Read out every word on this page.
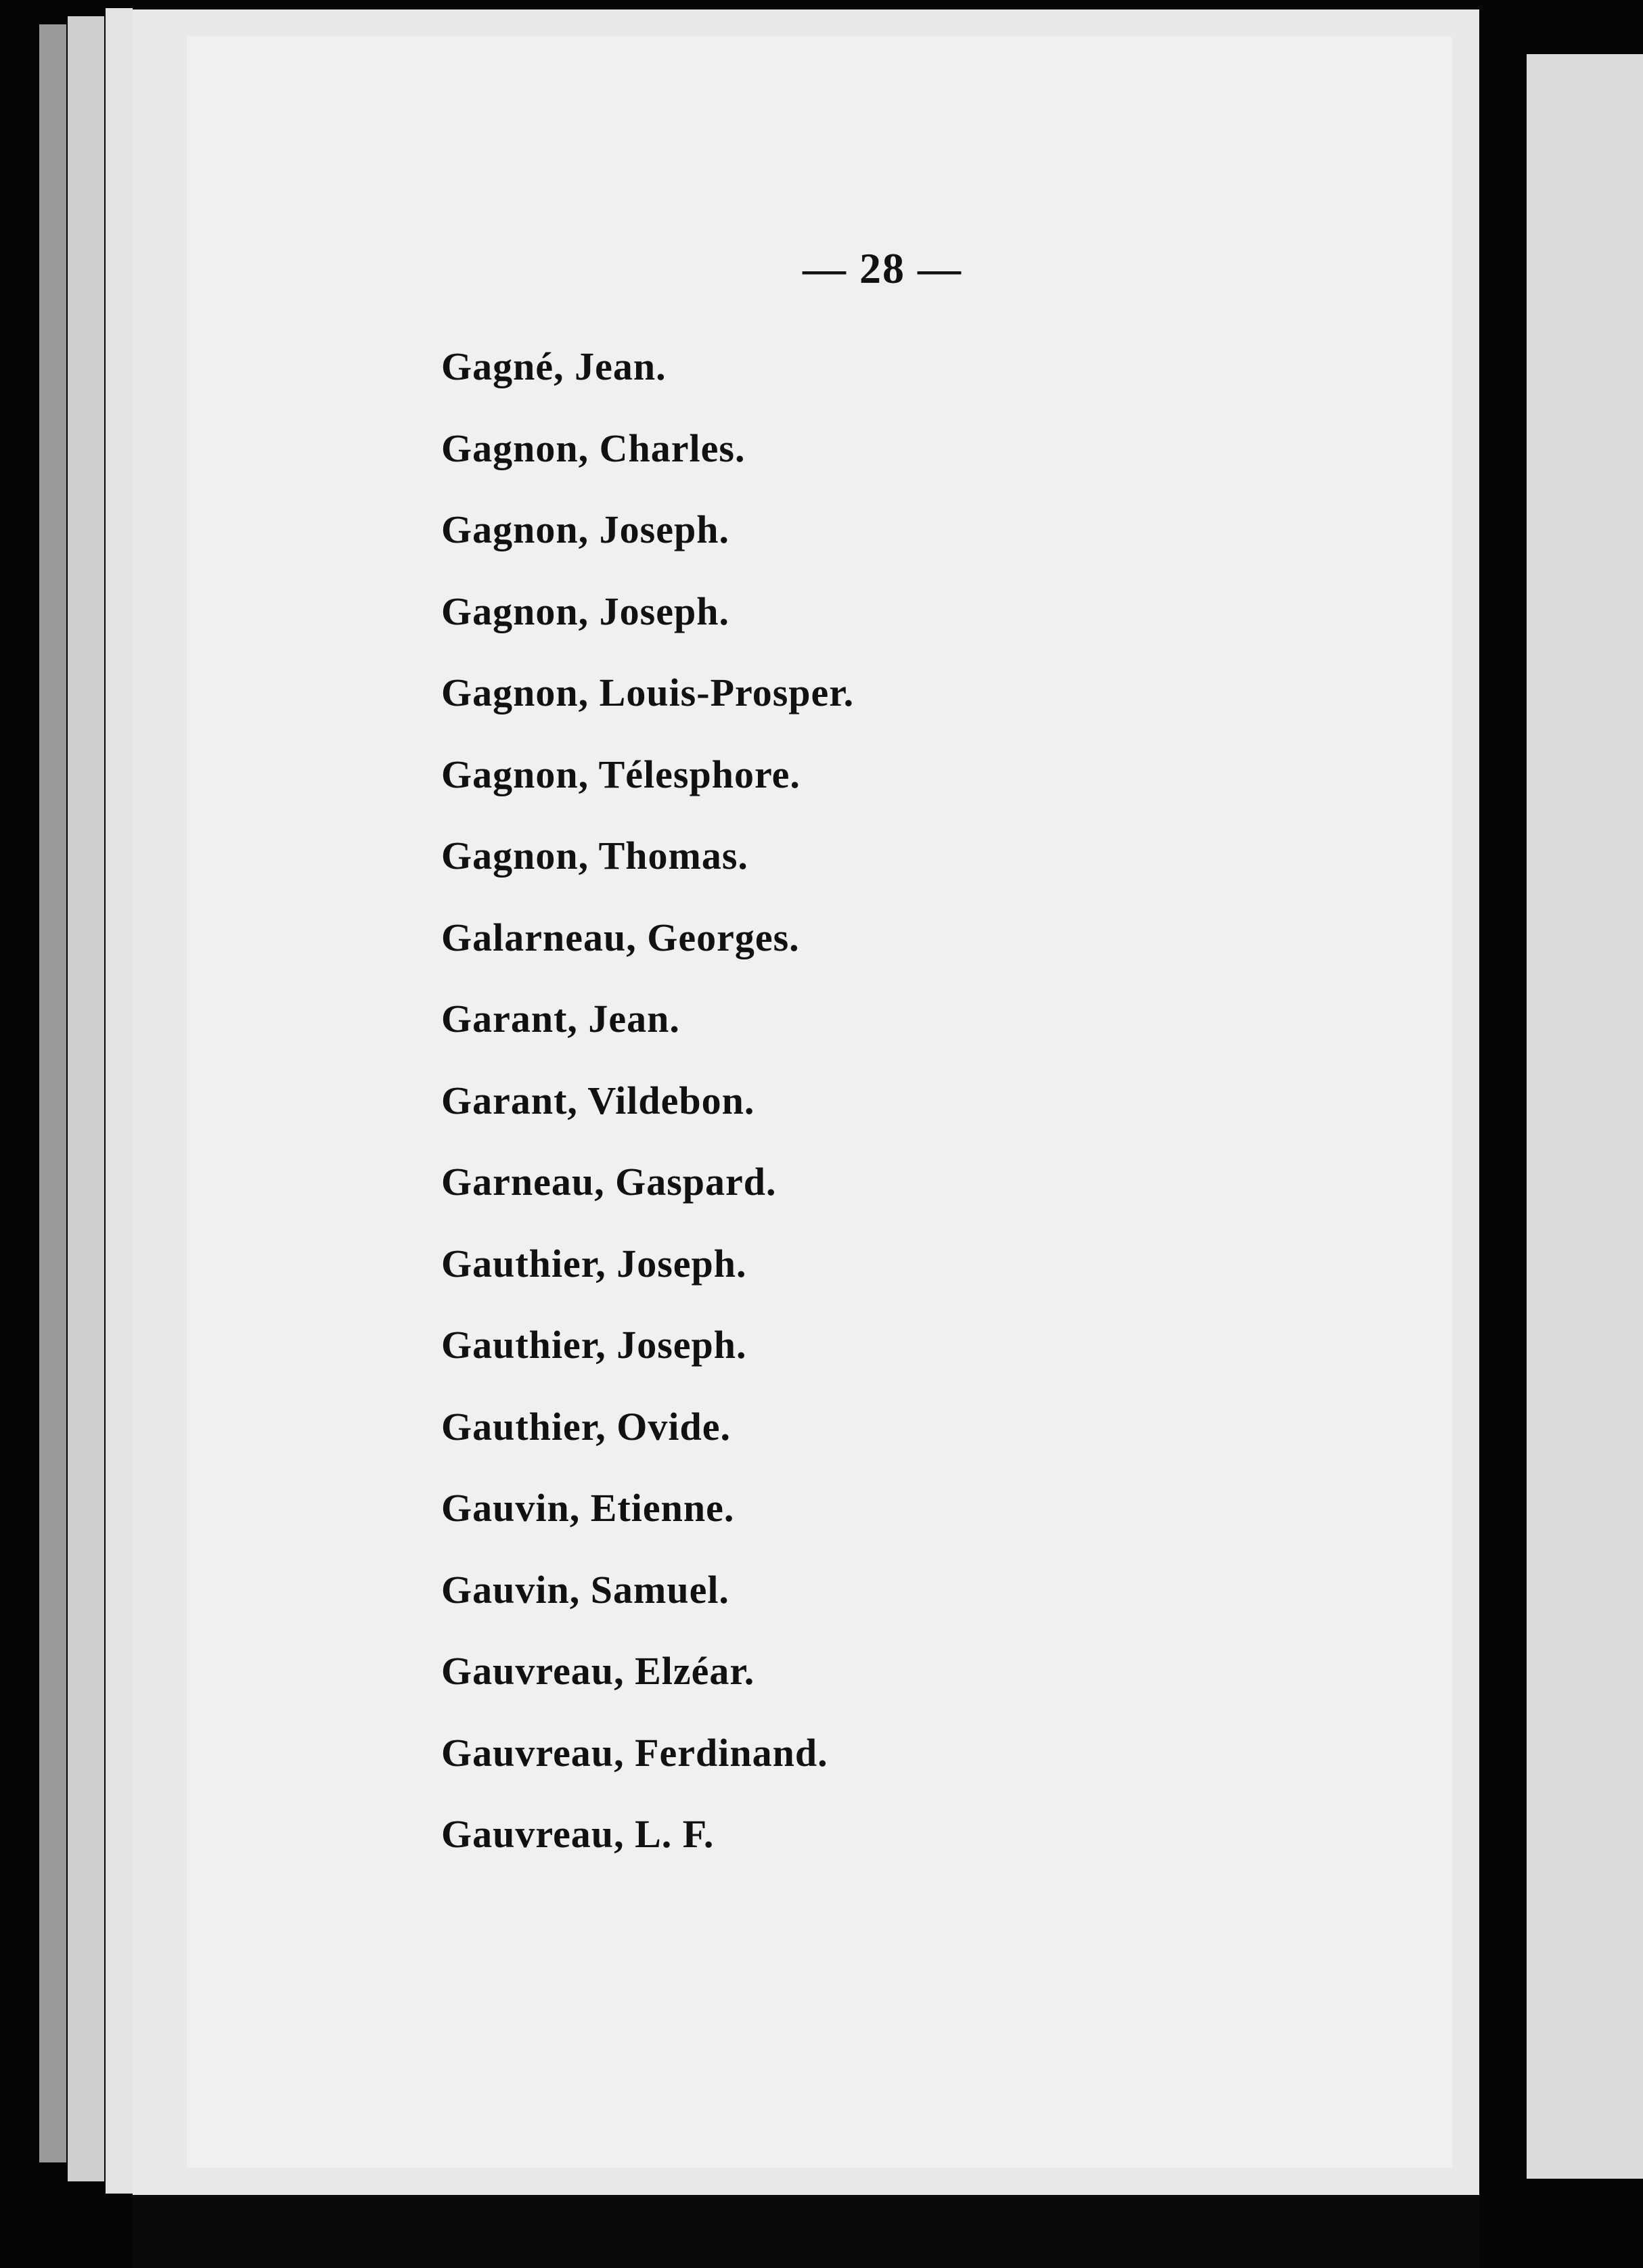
— 28 —
Gagné, Jean.
Gagnon, Charles.
Gagnon, Joseph.
Gagnon, Joseph.
Gagnon, Louis-Prosper.
Gagnon, Télesphore.
Gagnon, Thomas.
Galarneau, Georges.
Garant, Jean.
Garant, Vildebon.
Garneau, Gaspard.
Gauthier, Joseph.
Gauthier, Joseph.
Gauthier, Ovide.
Gauvin, Etienne.
Gauvin, Samuel.
Gauvreau, Elzéar.
Gauvreau, Ferdinand.
Gauvreau, L. F.
